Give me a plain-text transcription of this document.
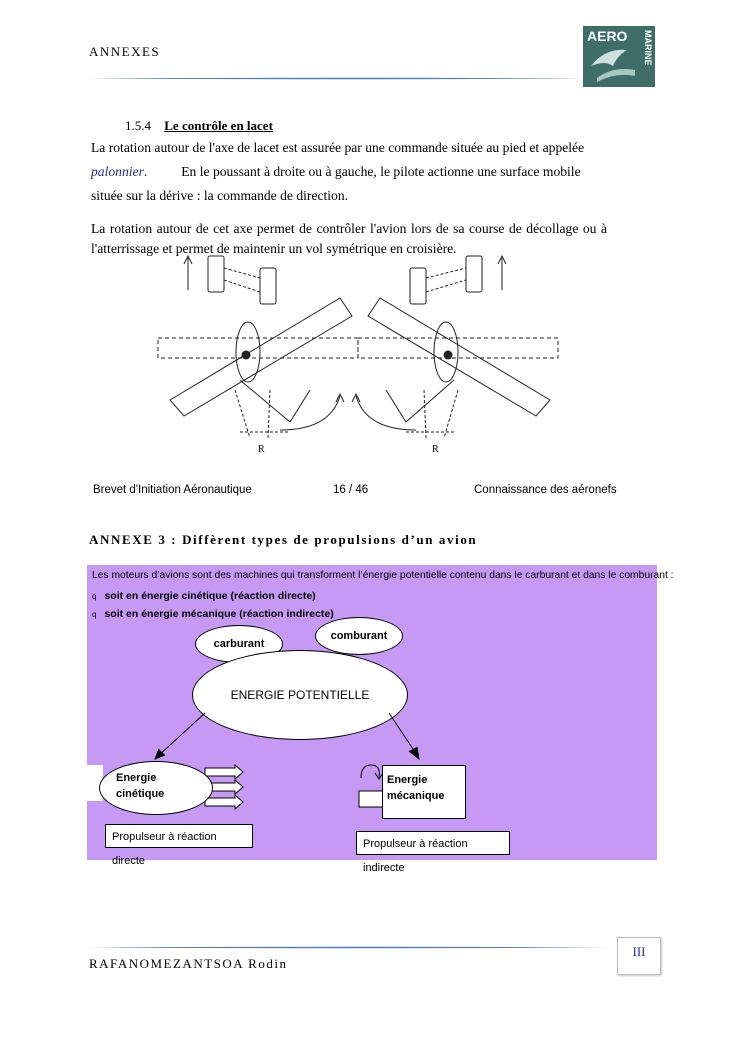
ANNEXES
AERO MARINE
1.5.4 Le contrôle en lacet
La rotation autour de l'axe de lacet est assurée par une commande située au pied et appelée
palonnier.          En le poussant à droite ou à gauche, le pilote actionne une surface mobile
située sur la dérive : la commande de direction.
La rotation autour de cet axe permet de contrôler l'avion lors de sa course de décollage ou à l'atterrissage et permet de maintenir un vol symétrique en croisière.
R	R
Brevet d'Initiation Aéronautique	16 / 46	Connaissance des aéronefs
ANNEXE 3 : Diffèrent types de propulsions d’un avion
Les moteurs d’avions sont des machines qui transforment l’énergie potentielle contenu dans le carburant et dans le comburant :
q soit en énergie cinétique (réaction directe)
q soit en énergie mécanique (réaction indirecte)
carburant
comburant
ENERGIE POTENTIELLE
Energie
cinétique
Energie
mécanique
Propulseur à réaction directe
Propulseur à réaction indirecte
RAFANOMEZANTSOA Rodin
III
